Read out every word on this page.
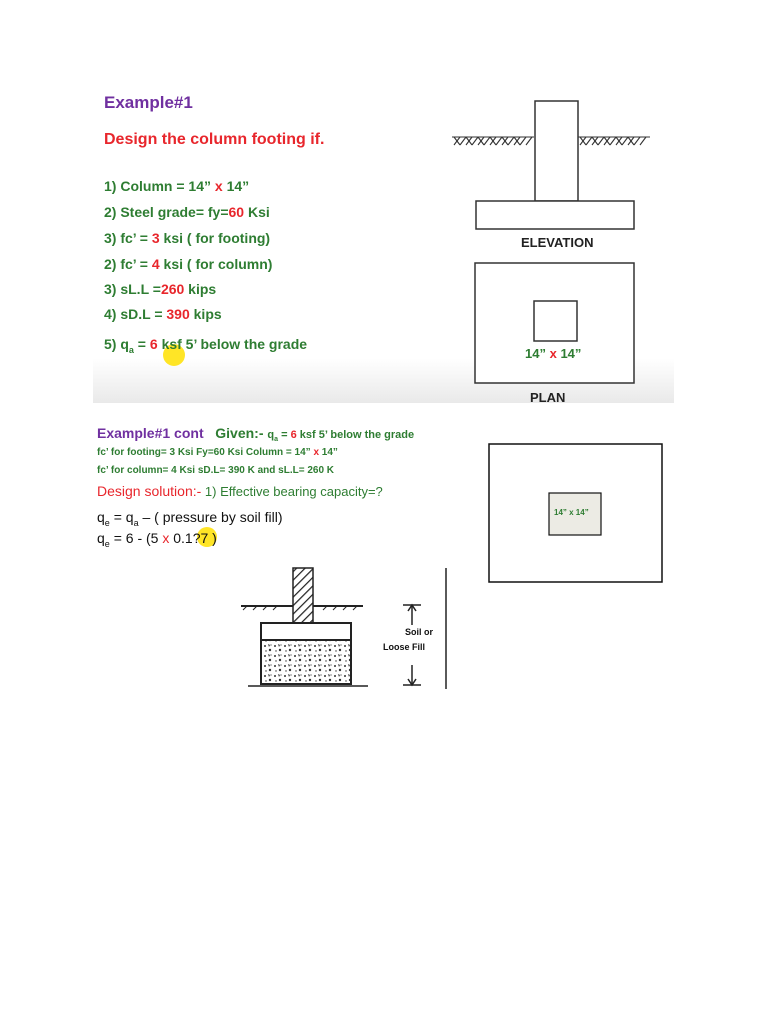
Example#1
Design the column footing if.
1) Column = 14” x 14”
2) Steel grade= fy=60 Ksi
3) fc’ = 3 ksi ( for footing)
2) fc’ = 4 ksi ( for column)
3) sL.L =260 kips
4) sD.L = 390 kips
5) $q_a = 6$ ksf 5’ below the grade
ELEVATION
14” x 14”
PLAN
Example#1 cont Given:- $q_a = 6$ ksf 5’ below the grade
fc’ for footing= 3 Ksi Fy=60 Ksi Column = 14” x 14”
fc’ for column= 4 Ksi sD.L= 390 K and sL.L= 260 K
Design solution:- 1) Effective bearing capacity=?
$q_e = q_a$ – ( pressure by soil fill)
$q_e = 6 - (5$ x 0.1?7 )
Soil or
Loose Fill
14” x 14”
